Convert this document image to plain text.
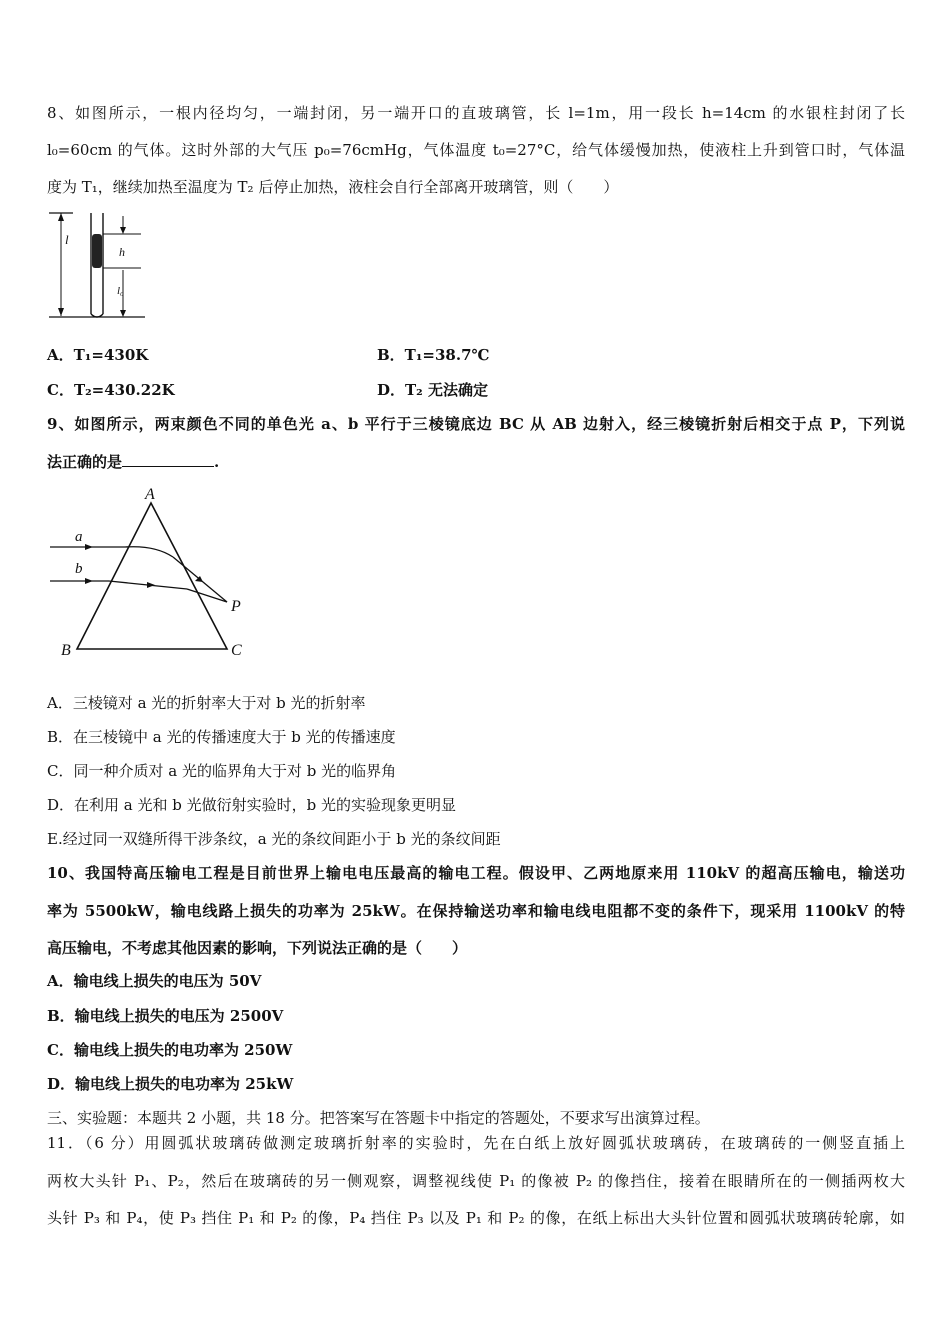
8、如图所示，一根内径均匀，一端封闭，另一端开口的直玻璃管，长 l=1m，用一段长 h=14cm 的水银柱封闭了长
l₀=60cm 的气体。这时外部的大气压 p₀=76cmHg，气体温度 t₀=27°C，给气体缓慢加热，使液柱上升到管口时，气体温
度为 T₁，继续加热至温度为 T₂ 后停止加热，液柱会自行全部离开玻璃管，则（　　）
l
h
l₀
A．T₁=430K	B．T₁=38.7℃
C．T₂=430.22K	D．T₂ 无法确定
9、如图所示，两束颜色不同的单色光 a、b 平行于三棱镜底边 BC 从 AB 边射入，经三棱镜折射后相交于点 P，下列说
法正确的是	.
A
B	C
P
a
b
A．三棱镜对 a 光的折射率大于对 b 光的折射率
B．在三棱镜中 a 光的传播速度大于 b 光的传播速度
C．同一种介质对 a 光的临界角大于对 b 光的临界角
D．在利用 a 光和 b 光做衍射实验时，b 光的实验现象更明显
E.经过同一双缝所得干涉条纹，a 光的条纹间距小于 b 光的条纹间距
10、我国特高压输电工程是目前世界上输电电压最高的输电工程。假设甲、乙两地原来用 110kV 的超高压输电，输送功
率为 5500kW，输电线路上损失的功率为 25kW。在保持输送功率和输电线电阻都不变的条件下，现采用 1100kV 的特
高压输电，不考虑其他因素的影响，下列说法正确的是（　　）
A．输电线上损失的电压为 50V
B．输电线上损失的电压为 2500V
C．输电线上损失的电功率为 250W
D．输电线上损失的电功率为 25kW
三、实验题：本题共 2 小题，共 18 分。把答案写在答题卡中指定的答题处，不要求写出演算过程。
11．（6 分）用圆弧状玻璃砖做测定玻璃折射率的实验时，先在白纸上放好圆弧状玻璃砖，在玻璃砖的一侧竖直插上
两枚大头针 P₁、P₂，然后在玻璃砖的另一侧观察，调整视线使 P₁ 的像被 P₂ 的像挡住，接着在眼睛所在的一侧插两枚大
头针 P₃ 和 P₄，使 P₃ 挡住 P₁ 和 P₂ 的像，P₄ 挡住 P₃ 以及 P₁ 和 P₂ 的像，在纸上标出大头针位置和圆弧状玻璃砖轮廓，如
